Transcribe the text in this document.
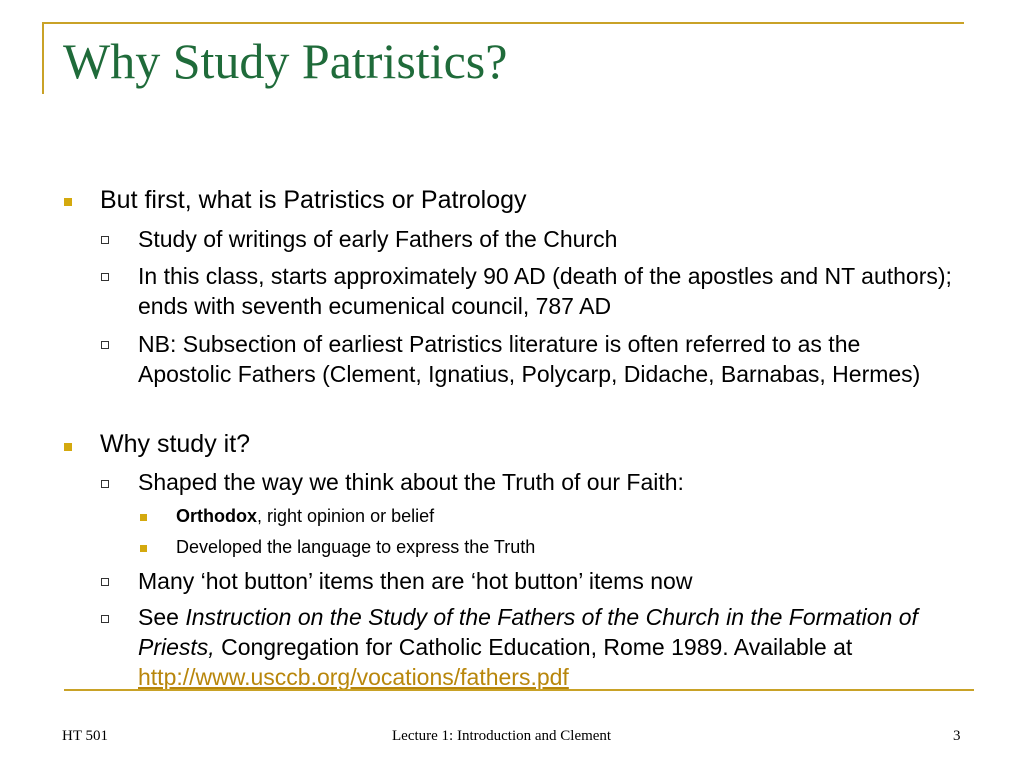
Why Study Patristics?
But first, what is Patristics or Patrology
Study of writings of early Fathers of the Church
In this class, starts approximately 90 AD (death of the apostles and NT authors); ends with seventh ecumenical council, 787 AD
NB: Subsection of earliest Patristics literature is often referred to as the Apostolic Fathers (Clement, Ignatius, Polycarp, Didache, Barnabas, Hermes)
Why study it?
Shaped the way we think about the Truth of our Faith:
Orthodox, right opinion or belief
Developed the language to express the Truth
Many ‘hot button’ items then are ‘hot button’ items now
See Instruction on the Study of the Fathers of the Church in the Formation of Priests, Congregation for Catholic Education, Rome 1989. Available at http://www.usccb.org/vocations/fathers.pdf
HT 501	Lecture 1: Introduction and Clement	3
